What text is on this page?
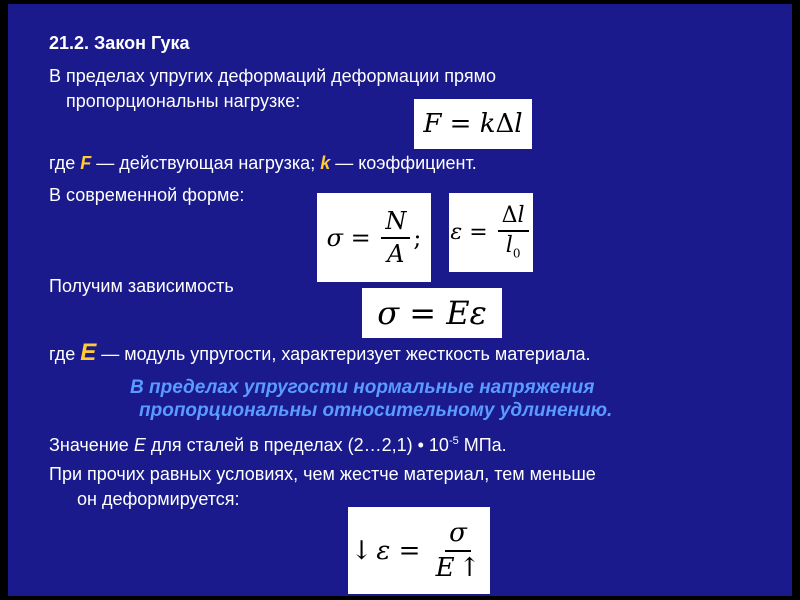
21.2. Закон Гука
В пределах упругих деформаций деформации прямо
пропорциональны нагрузке:
F = k Δ l
где F — действующая нагрузка; k — коэффициент.
В современной форме:
$\sigma = \frac{N}{A}$ ; $\varepsilon = \frac{\Delta l}{l_0}$
Получим зависимость
σ = E ε
где E — модуль упругости, характеризует жесткость материала.
В пределах упругости нормальные напряжения
пропорциональны относительному удлинению.
Значение E для сталей в пределах (2…2,1) • $10^{-5}$ МПа.
При прочих равных условиях, чем жестче материал, тем меньше
он деформируется:
↓ $\varepsilon = \frac{\sigma}{E ↑}$
